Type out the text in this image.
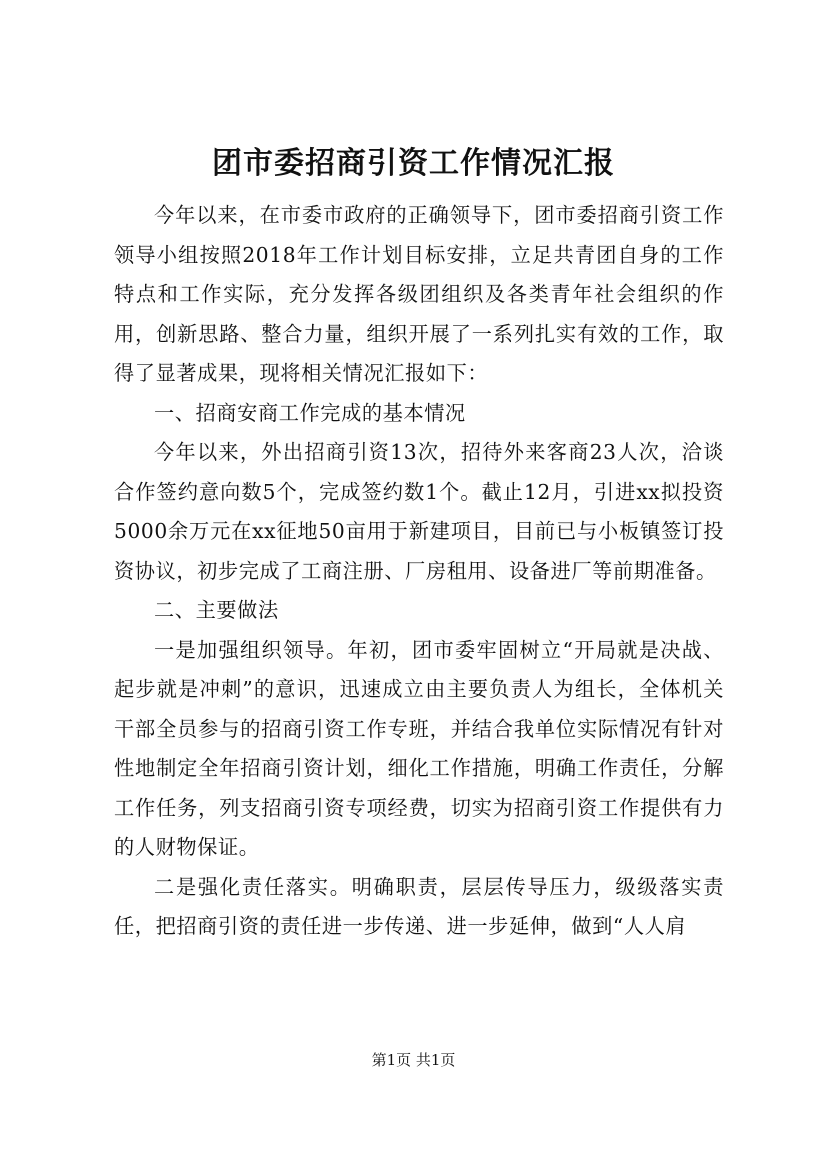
团市委招商引资工作情况汇报

今年以来，在市委市政府的正确领导下，团市委招商引资工作领导小组按照2018年工作计划目标安排，立足共青团自身的工作特点和工作实际，充分发挥各级团组织及各类青年社会组织的作用，创新思路、整合力量，组织开展了一系列扎实有效的工作，取得了显著成果，现将相关情况汇报如下：

一、招商安商工作完成的基本情况

今年以来，外出招商引资13次，招待外来客商23人次，洽谈合作签约意向数5个，完成签约数1个。截止12月，引进xx拟投资5000余万元在xx征地50亩用于新建项目，目前已与小板镇签订投资协议，初步完成了工商注册、厂房租用、设备进厂等前期准备。

二、主要做法

一是加强组织领导。年初，团市委牢固树立“开局就是决战、起步就是冲刺”的意识，迅速成立由主要负责人为组长，全体机关干部全员参与的招商引资工作专班，并结合我单位实际情况有针对性地制定全年招商引资计划，细化工作措施，明确工作责任，分解工作任务，列支招商引资专项经费，切实为招商引资工作提供有力的人财物保证。

二是强化责任落实。明确职责，层层传导压力，级级落实责任，把招商引资的责任进一步传递、进一步延伸，做到“人人肩

第1页 共1页
